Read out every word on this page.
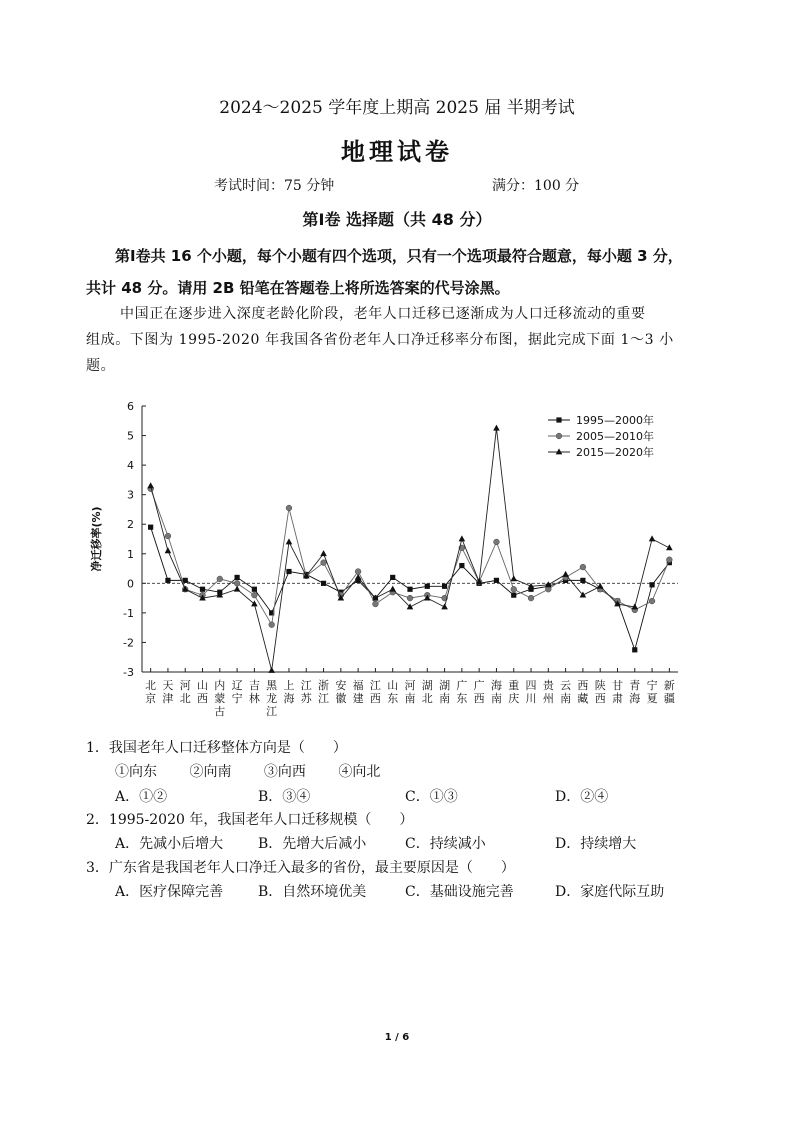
2024～2025 学年度上期高 2025 届 半期考试
地理试卷
考试时间：75 分钟	满分：100 分
第Ⅰ卷 选择题（共 48 分）
第Ⅰ卷共 16 个小题，每个小题有四个选项，只有一个选项最符合题意，每小题 3 分，
共计 48 分。请用 2B 铅笔在答题卷上将所选答案的代号涂黑。
中国正在逐步进入深度老龄化阶段，老年人口迁移已逐渐成为人口迁移流动的重要
组成。下图为 1995-2020 年我国各省份老年人口净迁移率分布图，据此完成下面 1～3 小
题。
-3
-2
-1
0
1
2
3
4
5
6
净迁移率(%)
北京
天津
河北
山西
内蒙古
辽宁
吉林
黑龙江
上海
江苏
浙江
安徽
福建
江西
山东
河南
湖北
湖南
广东
广西
海南
重庆
四川
贵州
云南
西藏
陕西
甘肃
青海
宁夏
新疆
1995—2000年
2005—2010年
2015—2020年
1．我国老年人口迁移整体方向是（　　）
①向东 ②向南 ③向西 ④向北
A．①②	B．③④	C．①③	D．②④
2．1995-2020 年，我国老年人口迁移规模（　　）
A．先减小后增大 B．先增大后减小	C．持续减小	D．持续增大
3．广东省是我国老年人口净迁入最多的省份，最主要原因是（　　）
A．医疗保障完善 B．自然环境优美	C．基础设施完善	D．家庭代际互助
1 / 6
